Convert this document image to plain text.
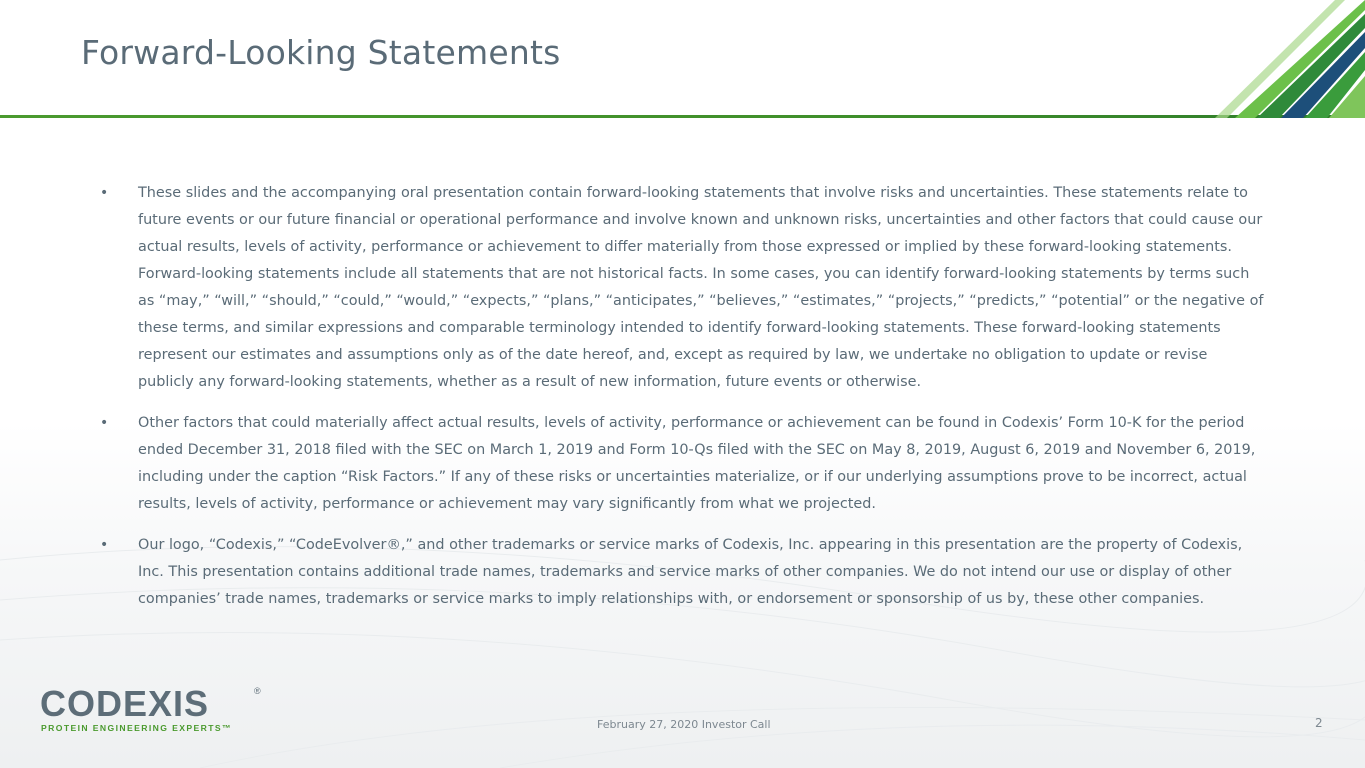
Forward-Looking Statements
•	These slides and the accompanying oral presentation contain forward-looking statements that involve risks and uncertainties. These statements relate to future events or our future financial or operational performance and involve known and unknown risks, uncertainties and other factors that could cause our actual results, levels of activity, performance or achievement to differ materially from those expressed or implied by these forward-looking statements. Forward-looking statements include all statements that are not historical facts. In some cases, you can identify forward-looking statements by terms such as “may,” “will,” “should,” “could,” “would,” “expects,” “plans,” “anticipates,” “believes,” “estimates,” “projects,” “predicts,” “potential” or the negative of these terms, and similar expressions and comparable terminology intended to identify forward-looking statements. These forward-looking statements represent our estimates and assumptions only as of the date hereof, and, except as required by law, we undertake no obligation to update or revise publicly any forward-looking statements, whether as a result of new information, future events or otherwise.
•	Other factors that could materially affect actual results, levels of activity, performance or achievement can be found in Codexis’ Form 10-K for the period ended December 31, 2018 filed with the SEC on March 1, 2019 and Form 10-Qs filed with the SEC on May 8, 2019, August 6, 2019 and November 6, 2019, including under the caption “Risk Factors.” If any of these risks or uncertainties materialize, or if our underlying assumptions prove to be incorrect, actual results, levels of activity, performance or achievement may vary significantly from what we projected.
•	Our logo, “Codexis,” “CodeEvolver®,” and other trademarks or service marks of Codexis, Inc. appearing in this presentation are the property of Codexis, Inc. This presentation contains additional trade names, trademarks and service marks of other companies. We do not intend our use or display of other companies’ trade names, trademarks or service marks to imply relationships with, or endorsement or sponsorship of us by, these other companies.
CODEXIS	®
PROTEIN ENGINEERING EXPERTS™	February 27, 2020 Investor Call	2
